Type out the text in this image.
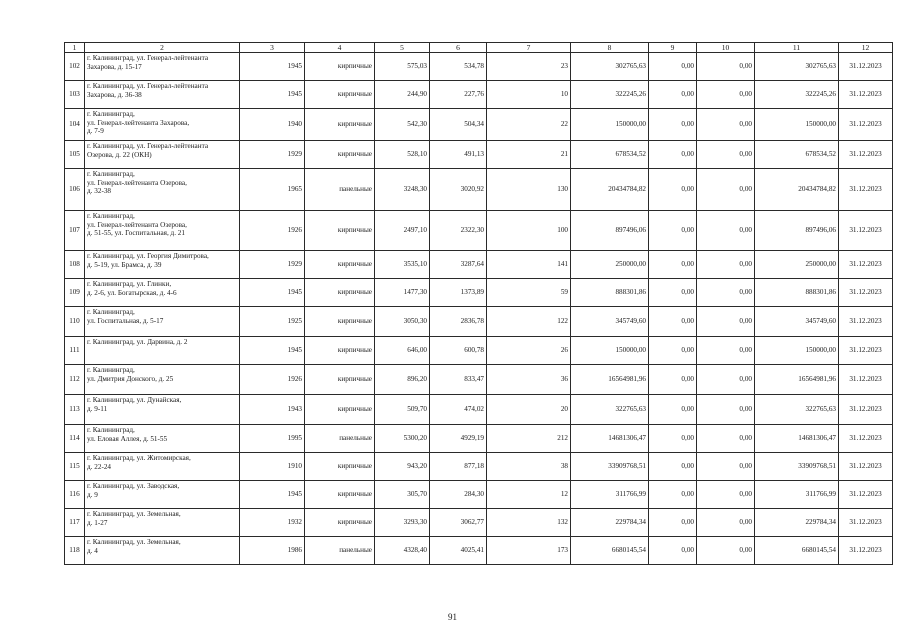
1	2	3	4	5	6	7	8	9	10	11	12
102	г. Калининград, ул. Генерал-лейтенанта
Захарова, д. 15-17	1945	кирпичные	575,03	534,78	23	302765,63	0,00	0,00	302765,63	31.12.2023
103	г. Калининград, ул. Генерал-лейтенанта
Захарова, д. 36-38	1945	кирпичные	244,90	227,76	10	322245,26	0,00	0,00	322245,26	31.12.2023
104	г. Калининград,
ул. Генерал-лейтенанта Захарова,
д. 7-9	1940	кирпичные	542,30	504,34	22	150000,00	0,00	0,00	150000,00	31.12.2023
105	г. Калининград, ул. Генерал-лейтенанта
Озерова, д. 22 (ОКН)	1929	кирпичные	528,10	491,13	21	678534,52	0,00	0,00	678534,52	31.12.2023
106	г. Калининград,
ул. Генерал-лейтенанта Озерова,
д. 32-38	1965	панельные	3248,30	3020,92	130	20434784,82	0,00	0,00	20434784,82	31.12.2023
107	г. Калининград,
ул. Генерал-лейтенанта Озерова,
д. 51-55, ул. Госпитальная, д. 21	1926	кирпичные	2497,10	2322,30	100	897496,06	0,00	0,00	897496,06	31.12.2023
108	г. Калининград, ул. Георгия Димитрова,
д. 5-19, ул. Брамса, д. 39	1929	кирпичные	3535,10	3287,64	141	250000,00	0,00	0,00	250000,00	31.12.2023
109	г. Калининград, ул. Глинки,
д. 2-6, ул. Богатырская, д. 4-6	1945	кирпичные	1477,30	1373,89	59	888301,86	0,00	0,00	888301,86	31.12.2023
110	г. Калининград,
ул. Госпитальная, д. 5-17	1925	кирпичные	3050,30	2836,78	122	345749,60	0,00	0,00	345749,60	31.12.2023
111	г. Калининград, ул. Дарвина, д. 2	1945	кирпичные	646,00	600,78	26	150000,00	0,00	0,00	150000,00	31.12.2023
112	г. Калининград,
ул. Дмитрия Донского, д. 25	1926	кирпичные	896,20	833,47	36	16564981,96	0,00	0,00	16564981,96	31.12.2023
113	г. Калининград, ул. Дунайская,
д. 9-11	1943	кирпичные	509,70	474,02	20	322765,63	0,00	0,00	322765,63	31.12.2023
114	г. Калининград,
ул. Еловая Аллея, д. 51-55	1995	панельные	5300,20	4929,19	212	14681306,47	0,00	0,00	14681306,47	31.12.2023
115	г. Калининград, ул. Житомирская,
д. 22-24	1910	кирпичные	943,20	877,18	38	33909768,51	0,00	0,00	33909768,51	31.12.2023
116	г. Калининград, ул. Заводская,
д. 9	1945	кирпичные	305,70	284,30	12	311766,99	0,00	0,00	311766,99	31.12.2023
117	г. Калининград, ул. Земельная,
д. 1-27	1932	кирпичные	3293,30	3062,77	132	229784,34	0,00	0,00	229784,34	31.12.2023
118	г. Калининград, ул. Земельная,
д. 4	1986	панельные	4328,40	4025,41	173	6680145,54	0,00	0,00	6680145,54	31.12.2023
91
